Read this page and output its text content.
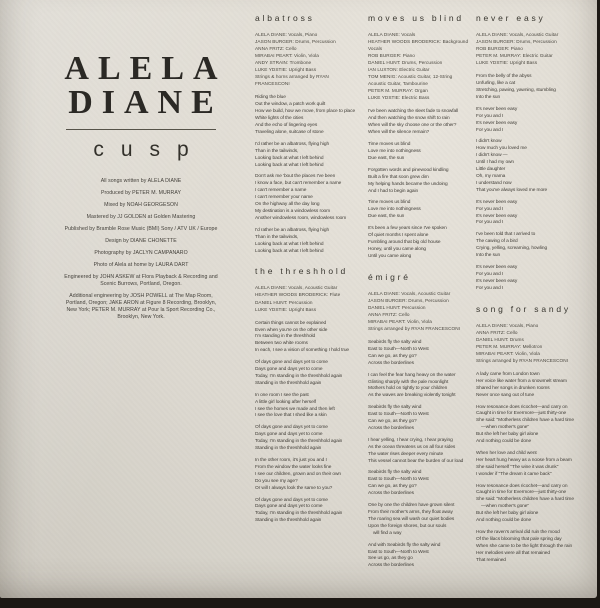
ALELA
DIANE
cusp
All songs written by ALELA DIANE
Produced by PETER M. MURRAY
Mixed by NOAH GEORGESON
Mastered by JJ GOLDEN at Golden Mastering
Published by Bramble Rose Music (BMI) Sony / ATV UK / Europe
Design by DIANE CHONETTE
Photography by JACLYN CAMPANARO
Photo of Alela at home by LAURA DART
Engineered by JOHN ASKEW at Flora Playback & Recording and Scenic Burrows, Portland, Oregon.
Additional engineering by JOSH POWELL at The Map Room, Portland, Oregon; JAKE ARON at Figure 8 Recording, Brooklyn, New York; PETER M. MURRAY at Pour la Sport Recording Co., Brooklyn, New York.
albatross
ALELA DIANE: Vocals, Piano
JASON BURGER: Drums, Percussion
ANNA FRITZ: Cello
MIRABAI PEART: Violin, Viola
ANDY STRAIN: Trombone
LUKE YDSTIE: Upright Bass
Strings & horns arranged by RYAN FRANCESCONI
Riding the blue
Out the window, a patch work quilt
How we build, how we move, from place to place
White lights of the cities
And the echo of lingering eyes
Traveling alone, suitcase of stone
I'd rather be an albatross, flying high
Than in the tailwinds,
Looking back at what I left behind
Looking back at what I left behind
Don't ask me 'bout the places I've been
I know a face, but can't remember a name
I can't remember a name
I can't remember your name
On the highway all the day long
My destination is a windowless room
Another windowless room, windowless room
I'd rather be an albatross, flying high
Than in the tailwinds,
Looking back at what I left behind
Looking back at what I left behind
the threshhold
ALELA DIANE: Vocals, Acoustic Guitar
HEATHER WOODS BRODERICK: Flute
DANIEL HUNT: Percussion
LUKE YDSTIE: Upright Bass
Certain things cannot be explained
Even when you're on the other side
I'm standing in the threshhold
Between two white rooms
In each, I see a vision of something I hold true
Of days gone and days yet to come
Days gone and days yet to come
Today, I'm standing in the threshhold again
Standing in the threshhold again
In one room I see the past
A little girl looking after herself
I see the homes we made and then left
I see the love that I shed like a skin
Of days gone and days yet to come
Days gone and days yet to come
Today, I'm standing in the threshhold again
Standing in the threshhold again
In the other room, it's just you and I
From the window the water looks fine
I see our children, grown and on their own
Do you see my age?
Or will I always look the same to you?
Of days gone and days yet to come
Days gone and days yet to come
Today, I'm standing in the threshhold again
Standing in the threshhold again
moves us blind
ALELA DIANE: Vocals
HEATHER WOODS BRODERICK: Background Vocals
ROB BURGER: Piano
DANIEL HUNT: Drums, Percussion
IAN LUXTON: Electric Guitar
TOM MENIG: Acoustic Guitar, 12-String Acoustic Guitar, Tambourine
PETER M. MURRAY: Organ
LUKE YDSTIE: Electric Bass
I've been watching the sleet fade to snowfall
And then watching the snow shift to rain
When will the sky choose one or the other?
When will the silence remain?
Time moves us blind
Love me into nothingness
Due east, the sun
Forgotten words and pinewood kindling
Built a fire that soon grew dim
My helping hands became the undoing
And I had to begin again
Time moves us blind
Love me into nothingness
Due east, the sun
It's been a few years since I've spoken
Of quiet months I spent alone
Fumbling around that big old house
Honey, until you came along
Until you came along
émigré
ALELA DIANE: Vocals, Acoustic Guitar
JASON BURGER: Drums, Percussion
DANIEL HUNT: Percussion
ANNA FRITZ: Cello
MIRABAI PEART: Violin, Viola
Strings arranged by RYAN FRANCESCONI
Seabirds fly the salty wind
East to South—North to West
Can we go, as they go?
Across the borderlines
I can feel the fear hang heavy on the water
Glinting sharply with the pale moonlight
Mothers hold on tightly to your children
As the waves are breaking violently tonight
Seabirds fly the salty wind
East to South—North to West
Can we go, as they go?
Across the borderlines
I hear yelling, I hear crying, I hear praying
As the ocean threatens us on all four sides
The water rises deeper every minute
This vessel cannot bear the burden of our load
Seabirds fly the salty wind
East to South—North to West
Can we go, as they go?
Across the borderlines
One by one the children have grown silent
From their mother's arms, they float away
The roaring sea will wash our quiet bodies
Upon the foreign shores, but our souls
will find a way
And with Seabirds fly the salty wind
East to South—North to West
See us go, as they go
Across the borderlines
never easy
ALELA DIANE: Vocals, Acoustic Guitar
JASON BURGER: Drums, Percussion
ROB BURGER: Piano
PETER M. MURRAY: Electric Guitar
LUKE YDSTIE: Upright Bass
From the belly of the abyss
Unfurling, like a cat
Stretching, pawing, yawning, stumbling
Into the sun
It's never been easy
For you and I
It's never been easy
For you and I
I didn't know
How much you loved me
I didn't know —
Until I had my own
Little daughter
Oh, my mama
I understand now
That you've always loved me more
It's never been easy
For you and I
It's never been easy
For you and I
I've been told that I arrived to
The cawing of a bird
Crying, yelling, screaming, howling
Into the sun
It's never been easy
For you and I
It's never been easy
For you and I
song for sandy
ALELA DIANE: Vocals, Piano
ANNA FRITZ: Cello
DANIEL HUNT: Drums
PETER M. MURRAY: Mellotron
MIRABAI PEART: Violin, Viola
Strings arranged by RYAN FRANCESCONI
A lady came from London town
Her voice like water from a snowmelt stream
Shared her songs in drunken rooms
Never once sang out of tune
How resonance does ricochet—and carry on
Caught in time for Evermore—just thirty-one
She said: "Motherless children have a hard time
—when mother's gone"
But she left her baby girl alone
And nothing could be done
When her love and child went
Her heart hung heavy as a noose from a beam
She said herself "The wine it was drunk"
I wonder if "The dream it came back"
How resonance does ricochet—and carry on
Caught in time for Evermore—just thirty-one
She said: "Motherless children have a hard time
—when mother's gone"
But she left her baby girl alone
And nothing could be done
How the raven's arrival did ruin the mood
Of the lilacs blooming that pale spring day
When she came to be the light through the rain
Her melodies were all that remained
That remained
